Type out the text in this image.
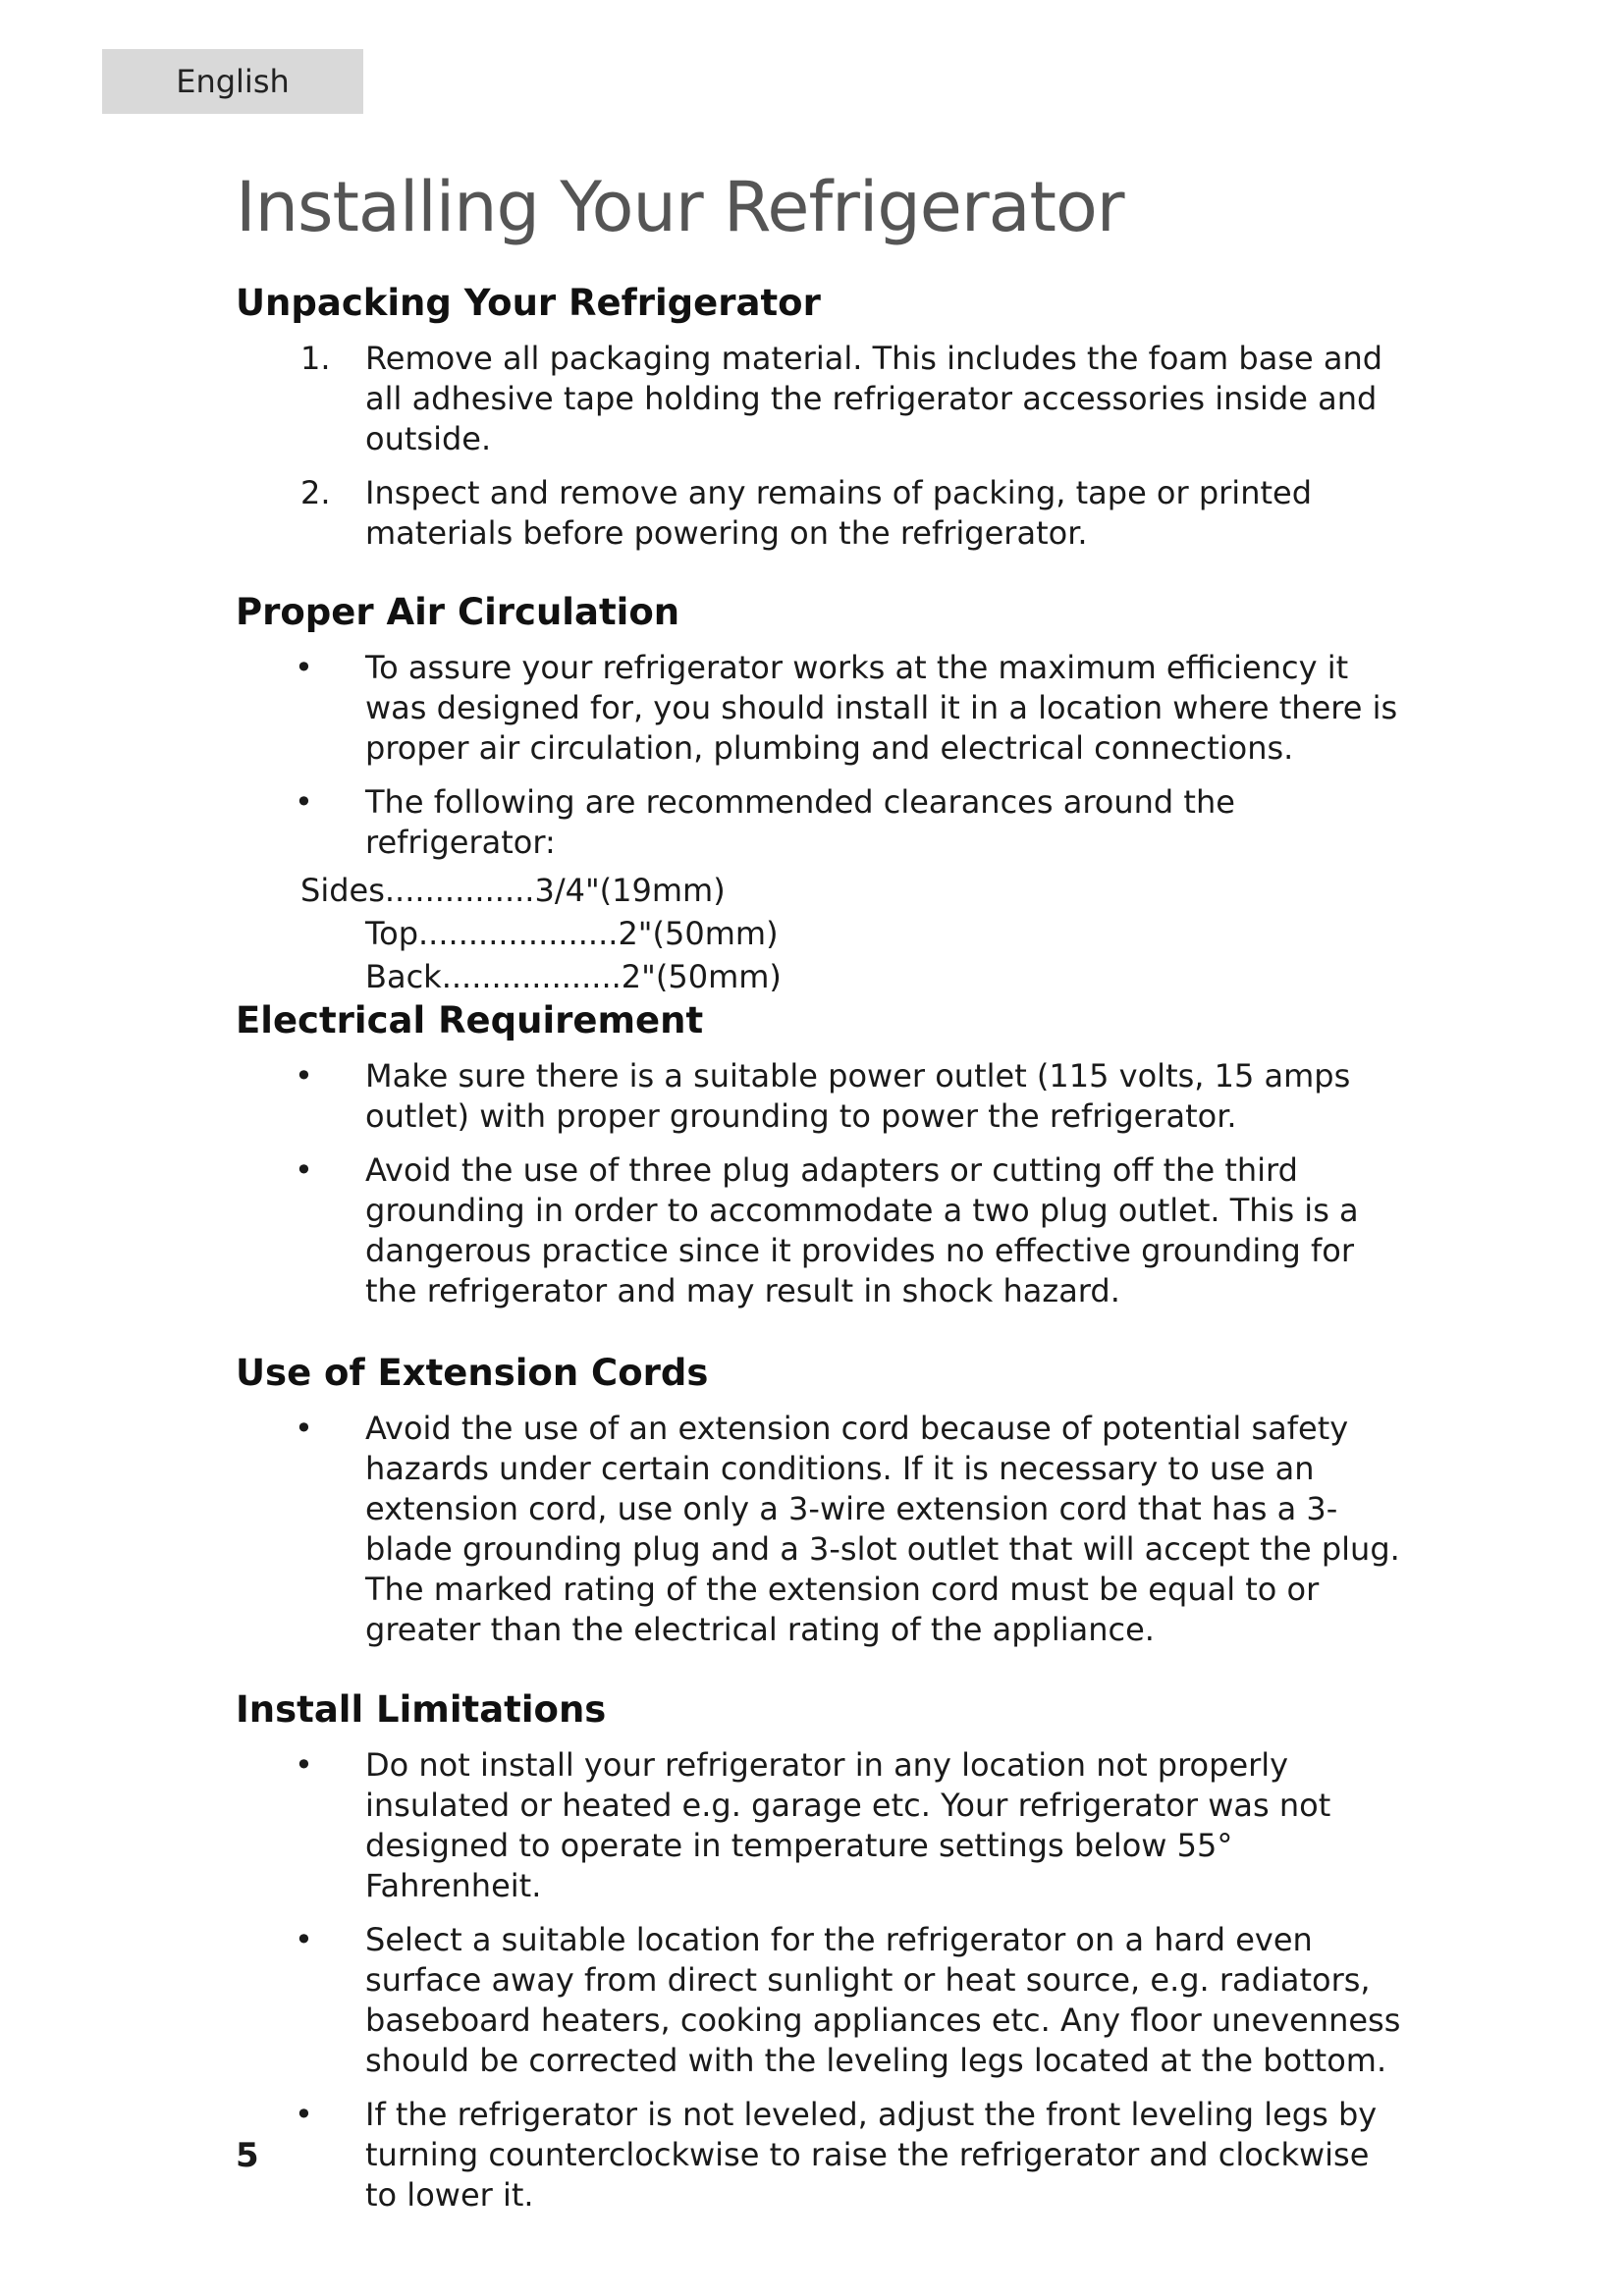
English
Installing Your Refrigerator
Unpacking Your Refrigerator
1. Remove all packaging material. This includes the foam base and all adhesive tape holding the refrigerator accessories inside and outside.
2. Inspect and remove any remains of packing, tape or printed materials before powering on the refrigerator.
Proper Air Circulation
• To assure your refrigerator works at the maximum efficiency it was designed for, you should install it in a location where there is proper air circulation, plumbing and electrical connections.
• The following are recommended clearances around the refrigerator:
Sides...............3/4"(19mm)
Top....................2"(50mm)
Back..................2"(50mm)
Electrical Requirement
• Make sure there is a suitable power outlet (115 volts, 15 amps outlet) with proper grounding to power the refrigerator.
• Avoid the use of three plug adapters or cutting off the third grounding in order to accommodate a two plug outlet. This is a dangerous practice since it provides no effective grounding for the refrigerator and may result in shock hazard.
Use of Extension Cords
• Avoid the use of an extension cord because of potential safety hazards under certain conditions. If it is necessary to use an extension cord, use only a 3-wire extension cord that has a 3-blade grounding plug and a 3-slot outlet that will accept the plug. The marked rating of the extension cord must be equal to or greater than the electrical rating of the appliance.
Install Limitations
• Do not install your refrigerator in any location not properly insulated or heated e.g. garage etc. Your refrigerator was not designed to operate in temperature settings below 55° Fahrenheit.
• Select a suitable location for the refrigerator on a hard even surface away from direct sunlight or heat source, e.g. radiators, baseboard heaters, cooking appliances etc. Any floor unevenness should be corrected with the leveling legs located at the bottom.
• If the refrigerator is not leveled, adjust the front leveling legs by turning counterclockwise to raise the refrigerator and clockwise to lower it.
5
